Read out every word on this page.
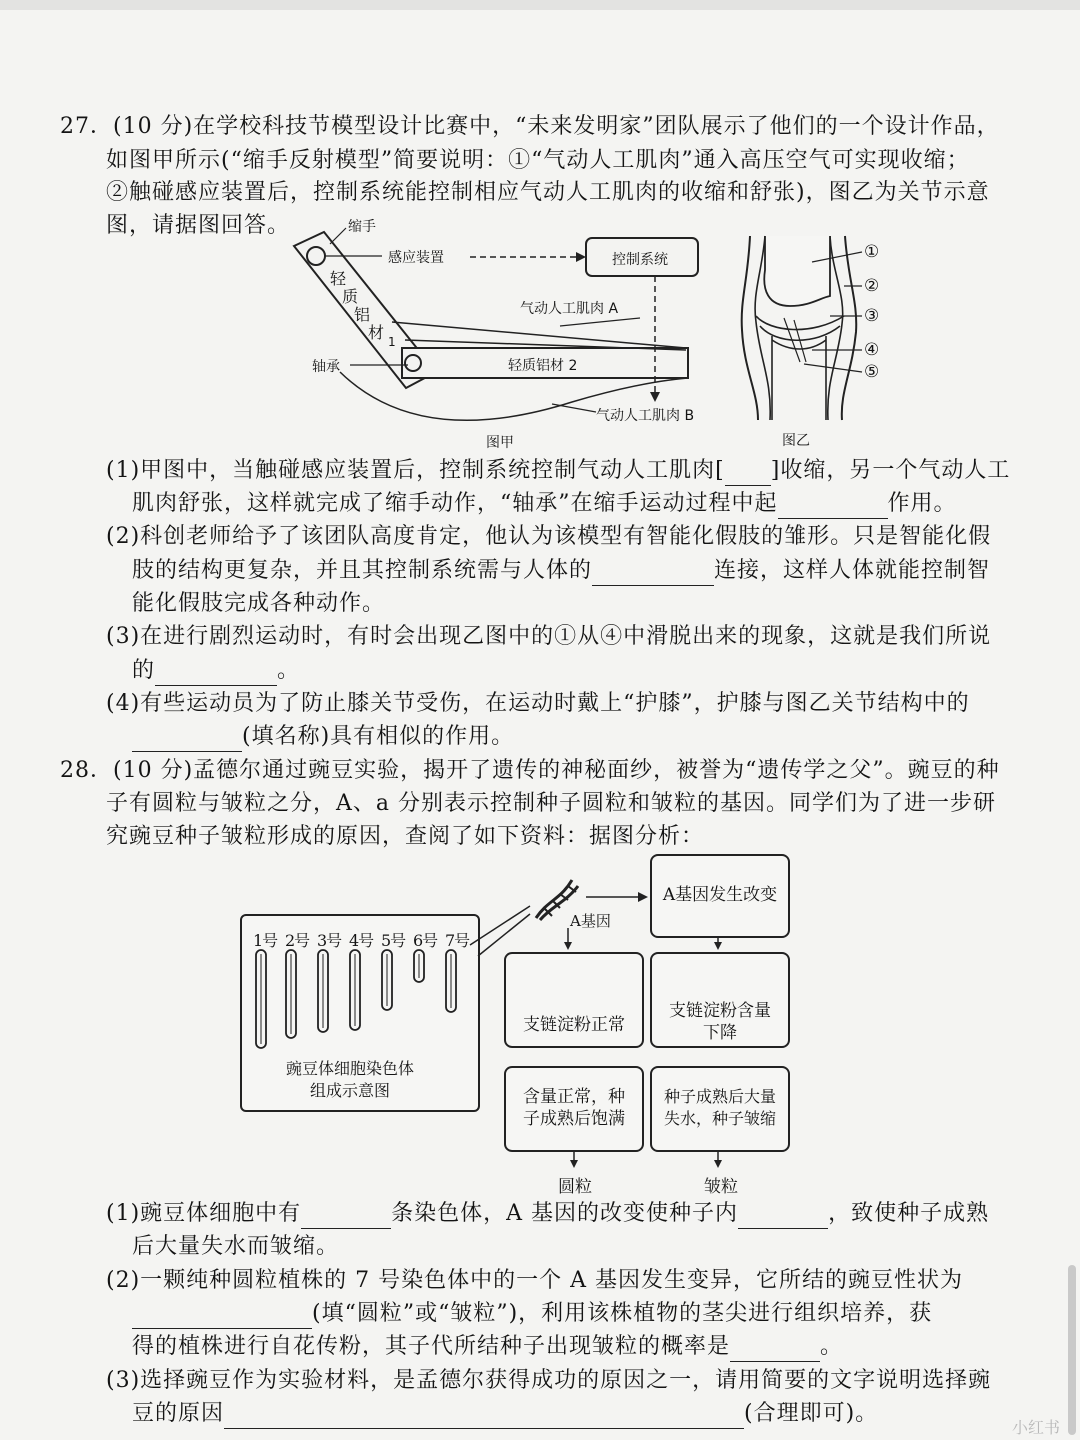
27．(10 分)在学校科技节模型设计比赛中，“未来发明家”团队展示了他们的一个设计作品，
如图甲所示(“缩手反射模型”简要说明：①“气动人工肌肉”通入高压空气可实现收缩；
②触碰感应装置后，控制系统能控制相应气动人工肌肉的收缩和舒张)，图乙为关节示意
图，请据图回答。	缩手
感应装置	控制系统
轻
质
铝
材 1
气动人工肌肉 A
轴承	轻质铝材 2
气动人工肌肉 B
图甲
①
②
③
④
⑤
图乙
(1)甲图中，当触碰感应装置后，控制系统控制气动人工肌肉[ ]收缩，另一个气动人工
肌肉舒张，这样就完成了缩手动作，“轴承”在缩手运动过程中起	作用。
(2)科创老师给予了该团队高度肯定，他认为该模型有智能化假肢的雏形。只是智能化假
肢的结构更复杂，并且其控制系统需与人体的	连接，这样人体就能控制智
能化假肢完成各种动作。
(3)在进行剧烈运动时，有时会出现乙图中的①从④中滑脱出来的现象，这就是我们所说
的	。
(4)有些运动员为了防止膝关节受伤，在运动时戴上“护膝”，护膝与图乙关节结构中的
(填名称)具有相似的作用。
28．(10 分)孟德尔通过豌豆实验，揭开了遗传的神秘面纱，被誉为“遗传学之父”。豌豆的种
子有圆粒与皱粒之分，A、a 分别表示控制种子圆粒和皱粒的基因。同学们为了进一步研
究豌豆种子皱粒形成的原因，查阅了如下资料：据图分析：
1号 2号 3号 4号 5号 6号 7号
豌豆体细胞染色体
组成示意图
A基因
A基因发生改变
支链淀粉正常
支链淀粉含量
下降
含量正常，种
子成熟后饱满
种子成熟后大量
失水，种子皱缩
圆粒	皱粒
(1)豌豆体细胞中有	条染色体，A 基因的改变使种子内	，致使种子成熟
后大量失水而皱缩。
(2)一颗纯种圆粒植株的 7 号染色体中的一个 A 基因发生变异，它所结的豌豆性状为
(填“圆粒”或“皱粒”)，利用该株植物的茎尖进行组织培养，获
得的植株进行自花传粉，其子代所结种子出现皱粒的概率是	。
(3)选择豌豆作为实验材料，是孟德尔获得成功的原因之一，请用简要的文字说明选择豌
豆的原因	(合理即可)。
小红书
